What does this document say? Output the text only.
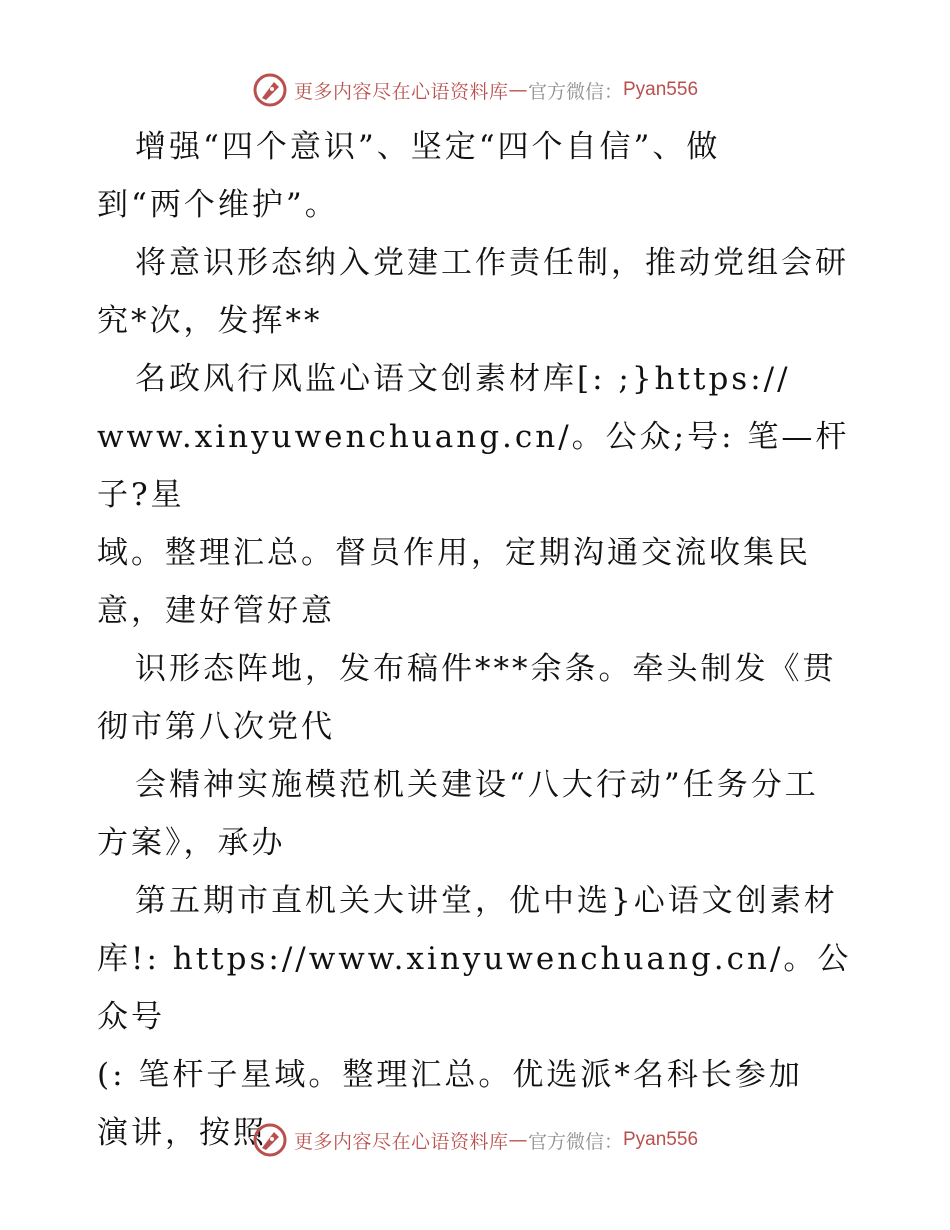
更多内容尽在心语资料库 — 官方微信： Pyan556

增强“四个意识”、坚定“四个自信”、做
到“两个维护”。

将意识形态纳入党建工作责任制，推动党组会研
究*次，发挥**

名政风行风监心语文创素材库[: ;}https://
www.xinyuwenchuang.cn/。公众;号: 笔—杆子?星
域。整理汇总。督员作用，定期沟通交流收集民
意，建好管好意

识形态阵地，发布稿件***余条。牵头制发《贯
彻市第八次党代

会精神实施模范机关建设“八大行动”任务分工
方案》，承办

第五期市直机关大讲堂，优中选}心语文创素材
库!: https://www.xinyuwenchuang.cn/。公众号
(: 笔杆子星域。整理汇总。优选派*名科长参加
演讲，按照	更多内容尽在心语资料库 — 官方微信： Pyan556
